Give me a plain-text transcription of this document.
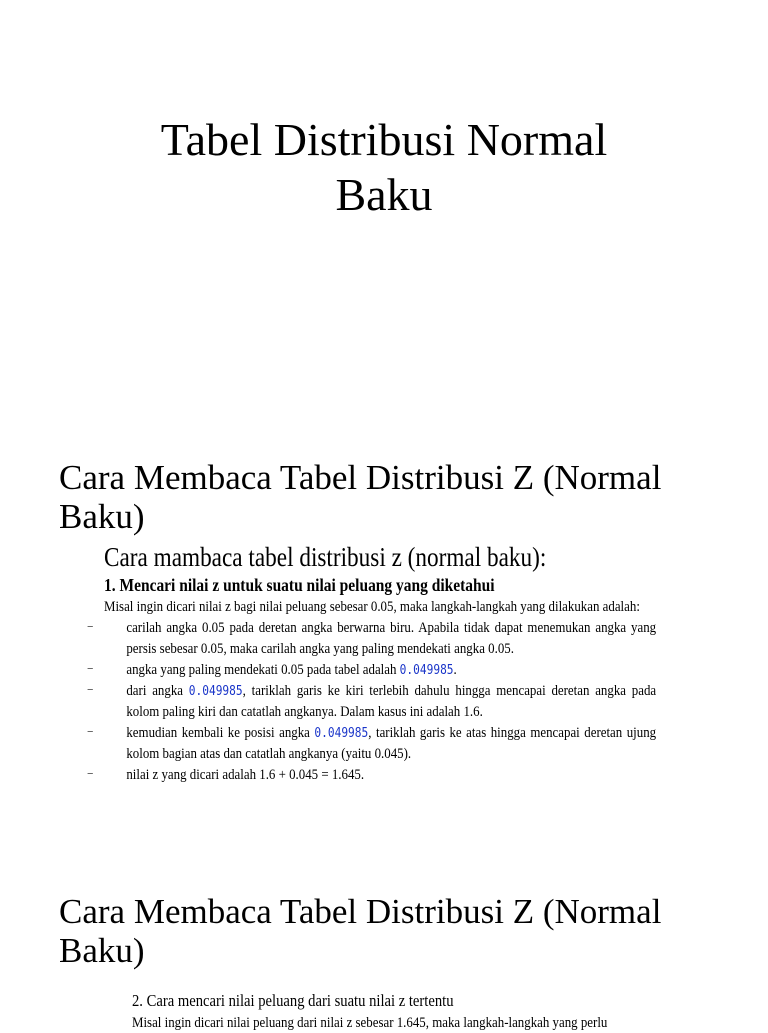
Tabel Distribusi Normal
Baku
Cara Membaca Tabel Distribusi Z (Normal Baku)

Cara mambaca tabel distribusi z (normal baku):

1. Mencari nilai z untuk suatu nilai peluang yang diketahui

Misal ingin dicari nilai z bagi nilai peluang sebesar 0.05, maka langkah-langkah yang dilakukan adalah:

– carilah angka 0.05 pada deretan angka berwarna biru. Apabila tidak dapat menemukan angka yang persis sebesar 0.05, maka carilah angka yang paling mendekati angka 0.05.
– angka yang paling mendekati 0.05 pada tabel adalah 0.049985.
– dari angka 0.049985, tariklah garis ke kiri terlebih dahulu hingga mencapai deretan angka pada kolom paling kiri dan catatlah angkanya. Dalam kasus ini adalah 1.6.
– kemudian kembali ke posisi angka 0.049985, tariklah garis ke atas hingga mencapai deretan ujung kolom bagian atas dan catatlah angkanya (yaitu 0.045).
– nilai z yang dicari adalah 1.6 + 0.045 = 1.645.
Cara Membaca Tabel Distribusi Z (Normal Baku)

2. Cara mencari nilai peluang dari suatu nilai z tertentu

Misal ingin dicari nilai peluang dari nilai z sebesar 1.645, maka langkah-langkah yang perlu
